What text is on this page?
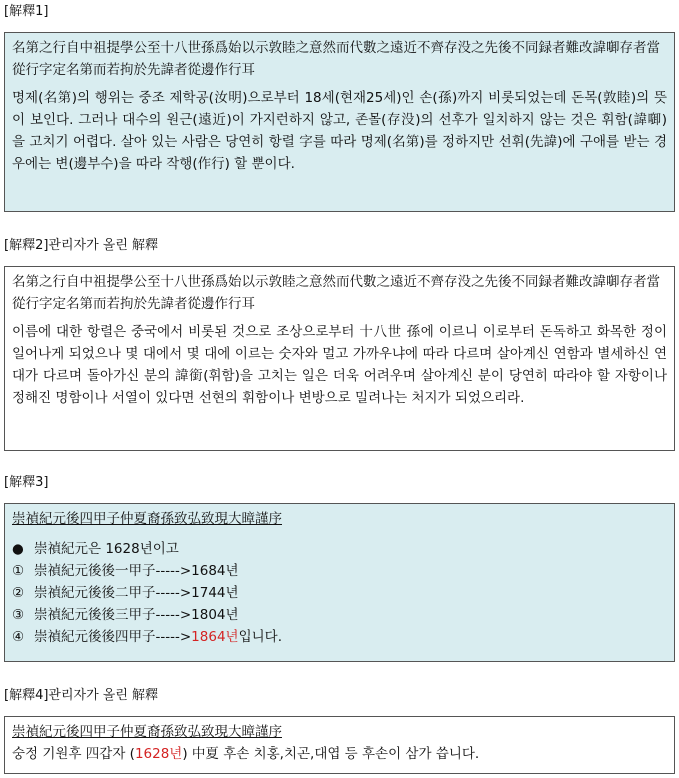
[解釋1]
名第之行自中祖提學公至十八世孫爲始以示敦睦之意然而代數之遠近不齊存没之先後不同録者難改諱啣存者當從行字定名第而若拘於先諱者從邊作行耳
명제(名第)의 행위는 중조 제학공(汝明)으로부터 18세(현재25세)인 손(孫)까지 비롯되었는데 돈목(敦睦)의 뜻이 보인다. 그러나 대수의 원근(遠近)이 가지런하지 않고, 존몰(存没)의 선후가 일치하지 않는 것은 휘함(諱啣)을 고치기 어렵다. 살아 있는 사람은 당연히 항렬 字를 따라 명제(名第)를 정하지만 선휘(先諱)에 구애를 받는 경우에는 변(邊부수)을 따라 작행(作行) 할 뿐이다.
[解釋2]관리자가 올린 解釋
名第之行自中祖提學公至十八世孫爲始以示敦睦之意然而代數之遠近不齊存没之先後不同録者難改諱啣存者當從行字定名第而若拘於先諱者從邊作行耳
이름에 대한 항렬은 중국에서 비롯된 것으로 조상으로부터 十八世 孫에 이르니 이로부터 돈독하고 화목한 정이 일어나게 되었으나 몇 대에서 몇 대에 이르는 숫자와 멀고 가까우냐에 따라 다르며 살아계신 연함과 별세하신 연대가 다르며 돌아가신 분의 諱銜(휘함)을 고치는 일은 더욱 어려우며 살아계신 분이 당연히 따라야 할 자항이나 정해진 명함이나 서열이 있다면 선현의 휘함이나 변방으로 밀려나는 처지가 되었으리라.
[解釋3]
崇禎紀元後四甲子仲夏裔孫致弘致現大暲謹序
● 崇禎紀元은 1628년이고
① 崇禎紀元後後一甲子----->1684년
② 崇禎紀元後後二甲子----->1744년
③ 崇禎紀元後後三甲子----->1804년
④ 崇禎紀元後後四甲子----->1864년입니다.
[解釋4]관리자가 올린 解釋
崇禎紀元後四甲子仲夏裔孫致弘致現大暲謹序
숭정 기원후 四갑자 (1628년) 中夏 후손 치홍,치곤,대엽 등 후손이 삼가 씁니다.
